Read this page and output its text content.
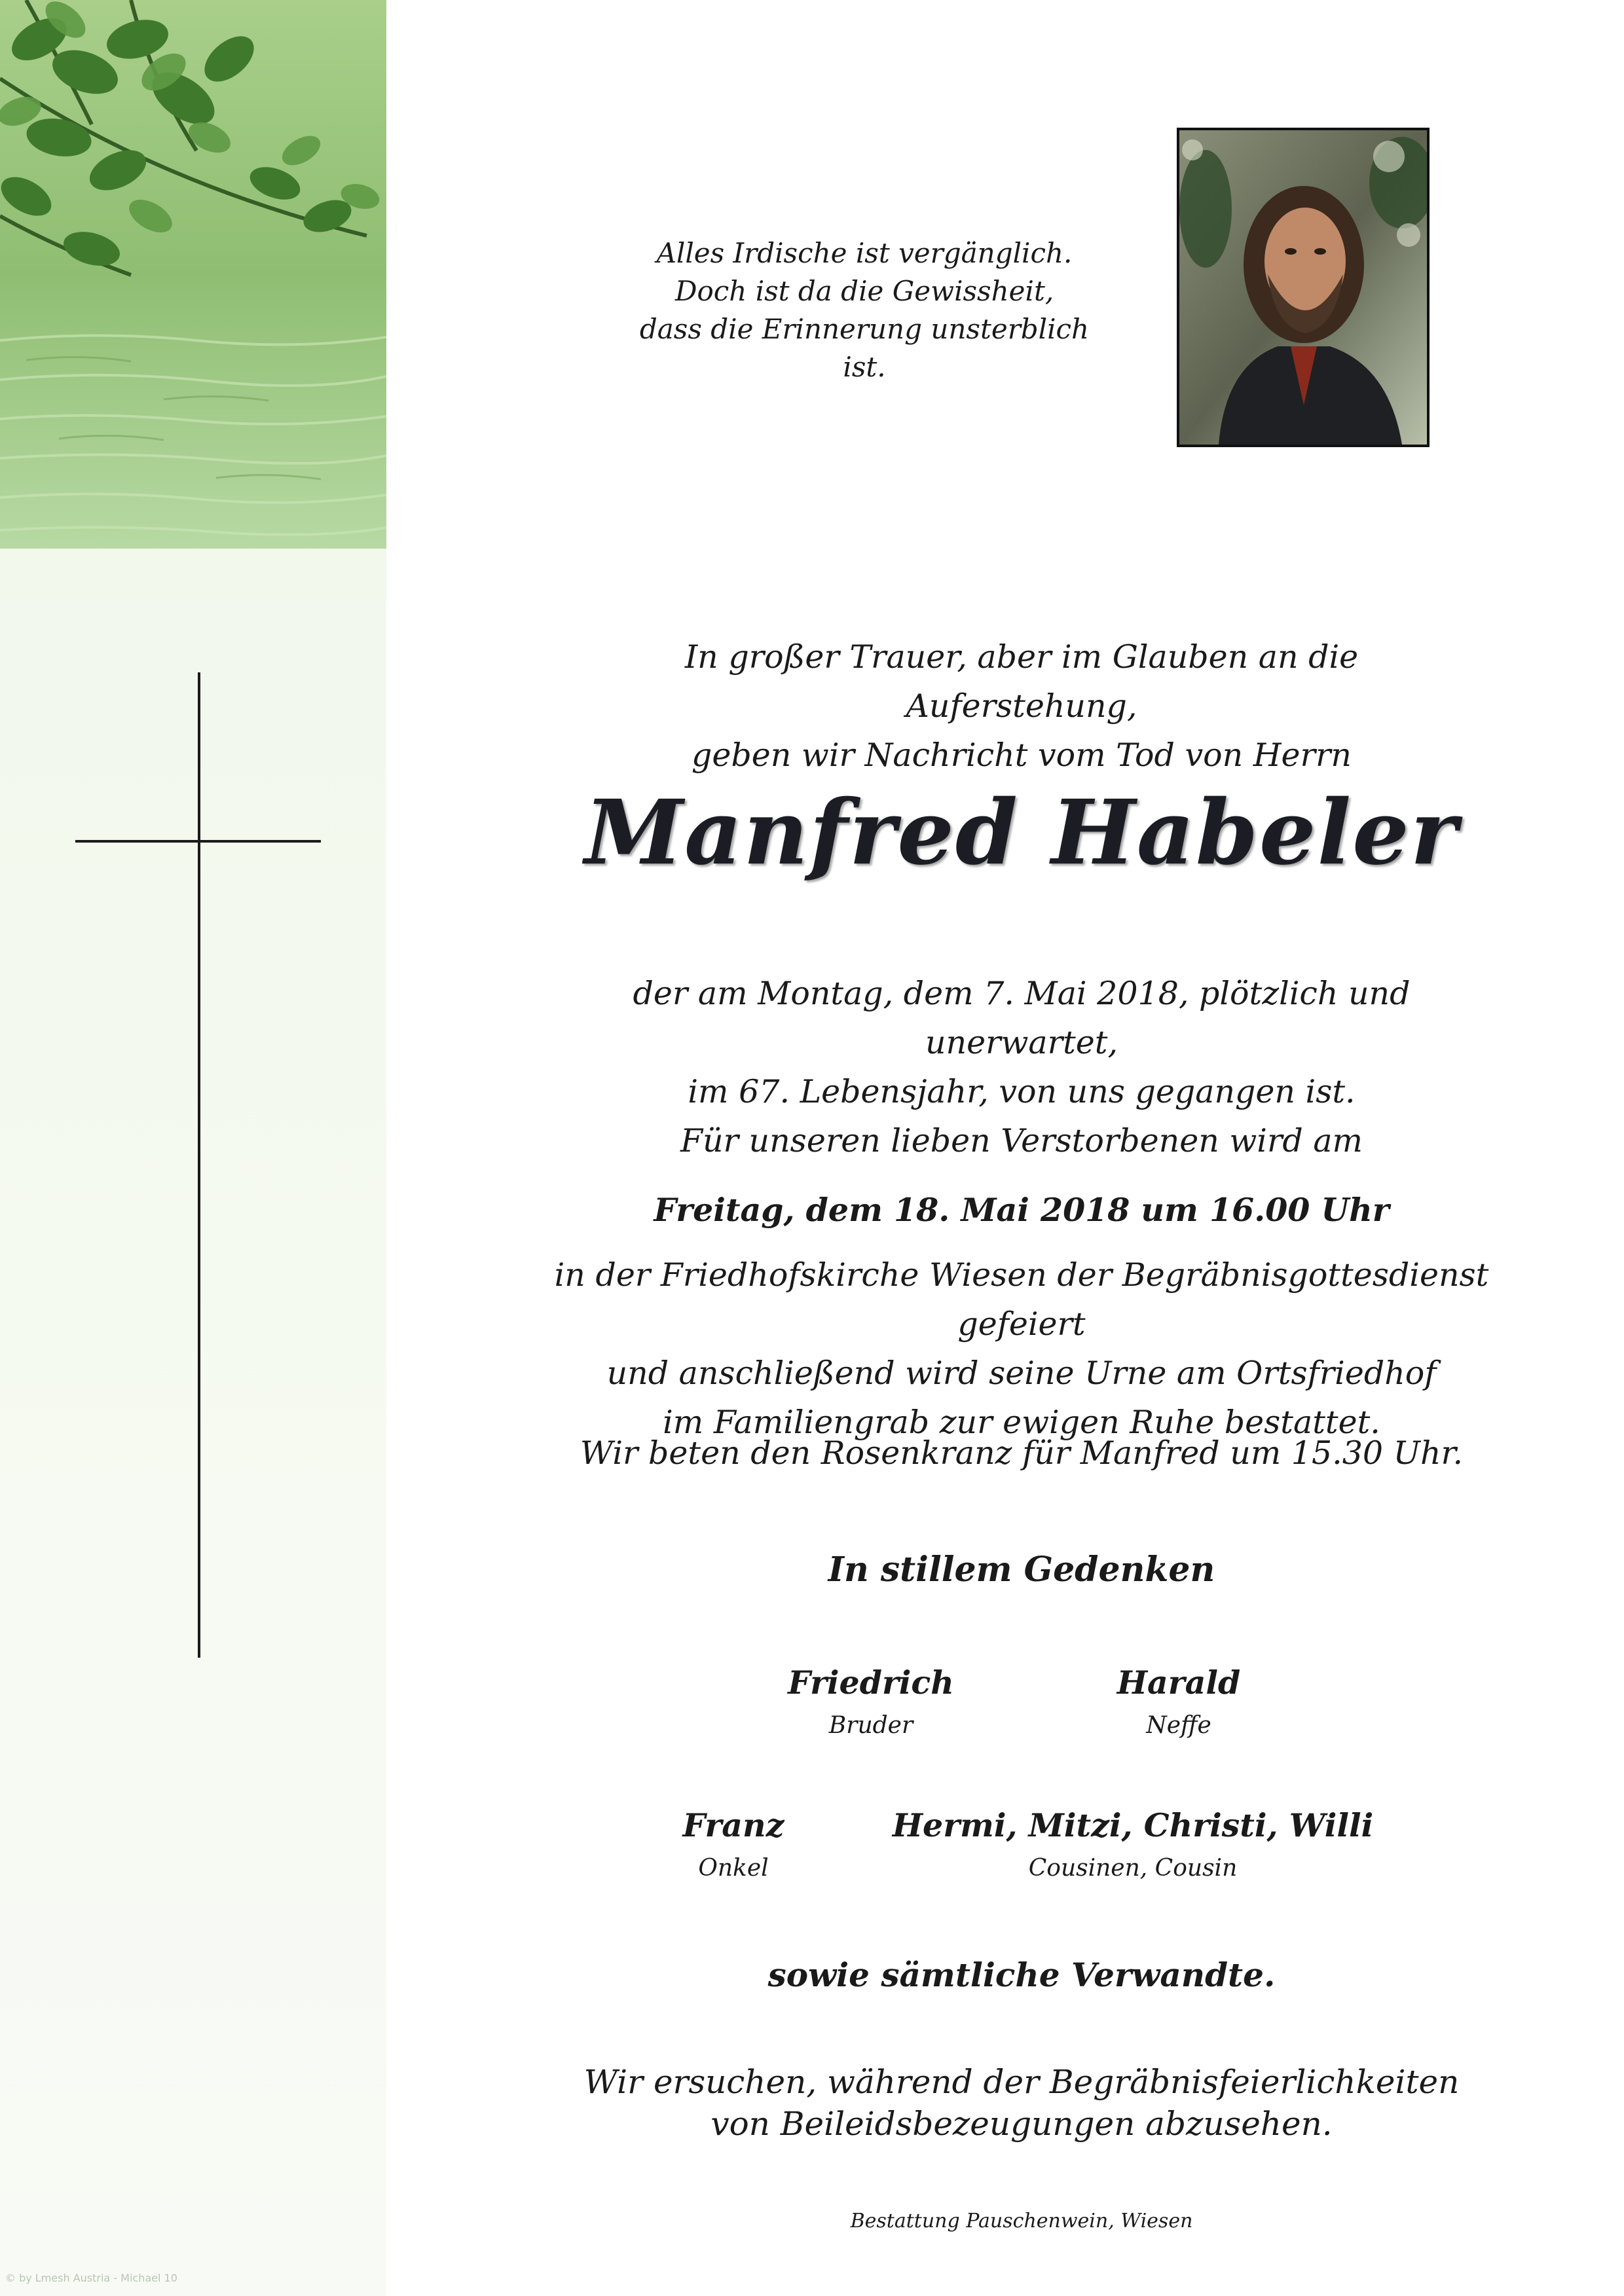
© by Lmesh Austria - Michael 10
Alles Irdische ist vergänglich.
Doch ist da die Gewissheit,
dass die Erinnerung unsterblich ist.
In großer Trauer, aber im Glauben an die Auferstehung,
geben wir Nachricht vom Tod von Herrn
Manfred Habeler
der am Montag, dem 7. Mai 2018, plötzlich und unerwartet,
im 67. Lebensjahr, von uns gegangen ist.
Für unseren lieben Verstorbenen wird am
Freitag, dem 18. Mai 2018 um 16.00 Uhr
in der Friedhofskirche Wiesen der Begräbnisgottesdienst gefeiert
und anschließend wird seine Urne am Ortsfriedhof
im Familiengrab zur ewigen Ruhe bestattet.
Wir beten den Rosenkranz für Manfred um 15.30 Uhr.
In stillem Gedenken
Friedrich
Bruder
Harald
Neffe
Franz
Onkel
Hermi, Mitzi, Christi, Willi
Cousinen, Cousin
sowie sämtliche Verwandte.
Wir ersuchen, während der Begräbnisfeierlichkeiten
von Beileidsbezeugungen abzusehen.
Bestattung Pauschenwein, Wiesen
